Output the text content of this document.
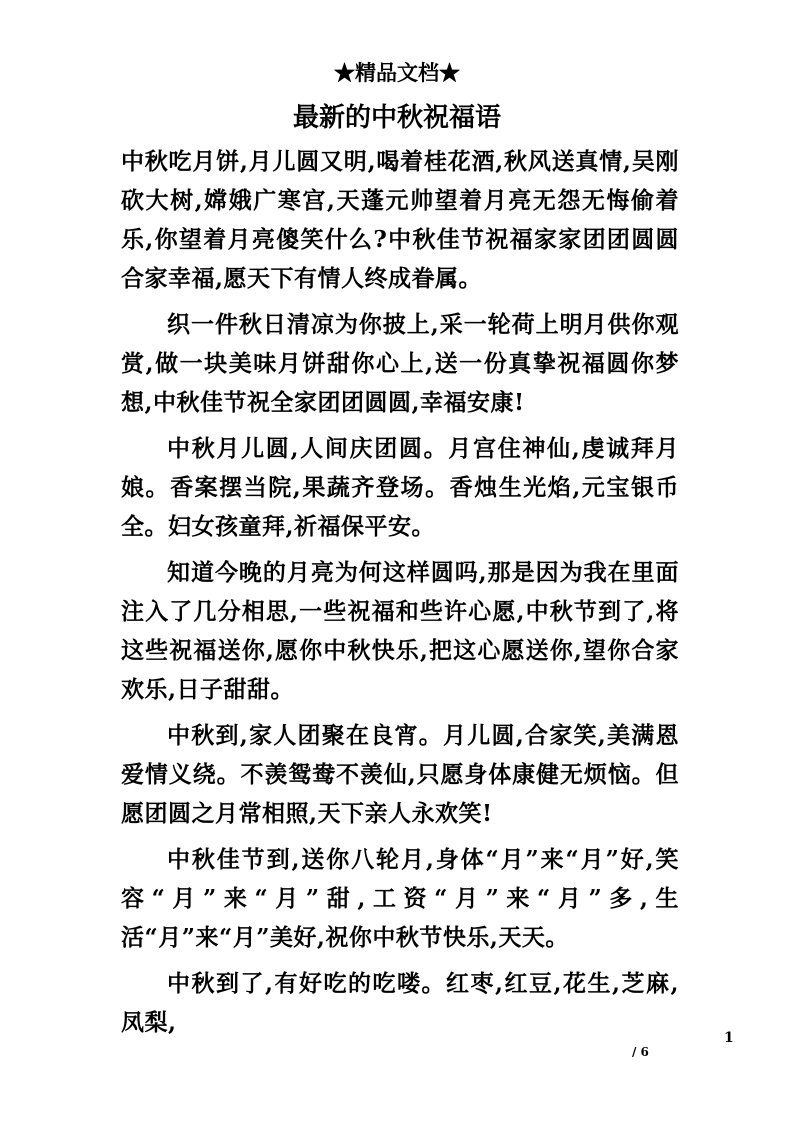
★精品文档★
最新的中秋祝福语

中秋吃月饼,月儿圆又明,喝着桂花酒,秋风送真情,吴刚砍大树,嫦娥广寒宫,天蓬元帅望着月亮无怨无悔偷着乐,你望着月亮傻笑什么?中秋佳节祝福家家团团圆圆合家幸福,愿天下有情人终成眷属。

织一件秋日清凉为你披上,采一轮荷上明月供你观赏,做一块美味月饼甜你心上,送一份真挚祝福圆你梦想,中秋佳节祝全家团团圆圆,幸福安康!

中秋月儿圆,人间庆团圆。月宫住神仙,虔诚拜月娘。香案摆当院,果蔬齐登场。香烛生光焰,元宝银币全。妇女孩童拜,祈福保平安。

知道今晚的月亮为何这样圆吗,那是因为我在里面注入了几分相思,一些祝福和些许心愿,中秋节到了,将这些祝福送你,愿你中秋快乐,把这心愿送你,望你合家欢乐,日子甜甜。

中秋到,家人团聚在良宵。月儿圆,合家笑,美满恩爱情义绕。不羡鸳鸯不羡仙,只愿身体康健无烦恼。但愿团圆之月常相照,天下亲人永欢笑!

中秋佳节到,送你八轮月,身体“月”来“月”好,笑容“月”来“月”甜,工资“月”来“月”多,生活“月”来“月”美好,祝你中秋节快乐,天天。

中秋到了,有好吃的吃喽。红枣,红豆,花生,芝麻,凤梨,

1
/ 6
